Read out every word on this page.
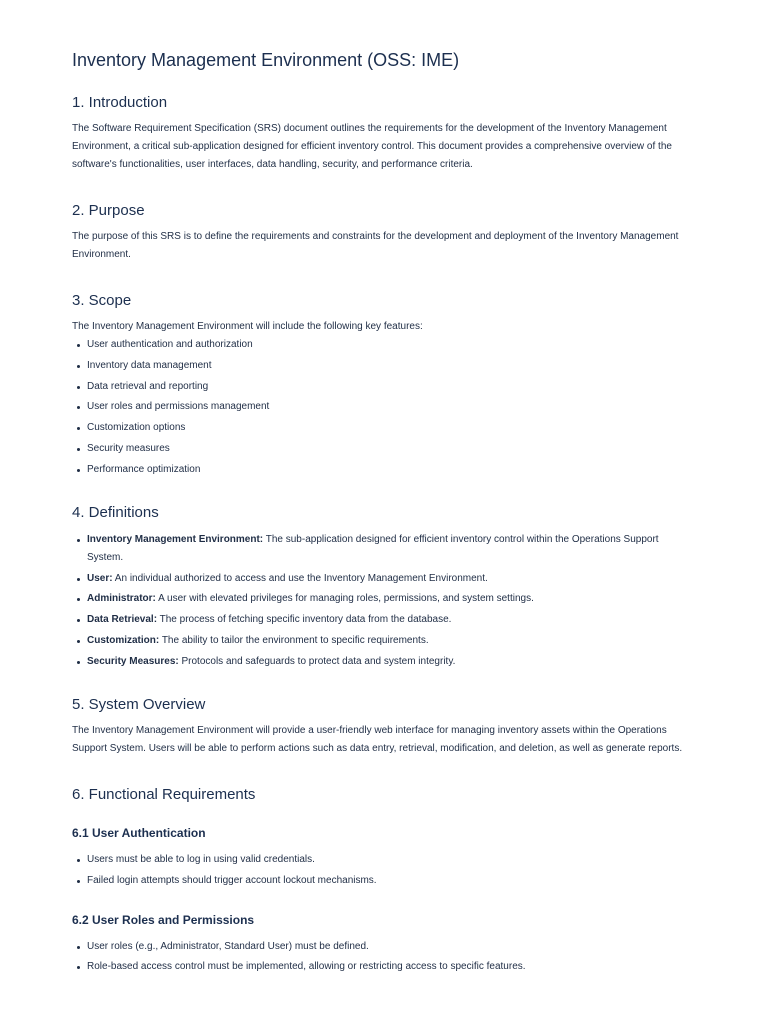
Inventory Management Environment (OSS: IME)
1. Introduction

The Software Requirement Specification (SRS) document outlines the requirements for the development of the Inventory Management Environment, a critical sub-application designed for efficient inventory control. This document provides a comprehensive overview of the software's functionalities, user interfaces, data handling, security, and performance criteria.

2. Purpose

The purpose of this SRS is to define the requirements and constraints for the development and deployment of the Inventory Management Environment.

3. Scope

The Inventory Management Environment will include the following key features:

User authentication and authorization
Inventory data management
Data retrieval and reporting
User roles and permissions management
Customization options
Security measures
Performance optimization
4. Definitions
Inventory Management Environment: The sub-application designed for efficient inventory control within the Operations Support System.
User: An individual authorized to access and use the Inventory Management Environment.
Administrator: A user with elevated privileges for managing roles, permissions, and system settings.
Data Retrieval: The process of fetching specific inventory data from the database.
Customization: The ability to tailor the environment to specific requirements.
Security Measures: Protocols and safeguards to protect data and system integrity.
5. System Overview

The Inventory Management Environment will provide a user-friendly web interface for managing inventory assets within the Operations Support System. Users will be able to perform actions such as data entry, retrieval, modification, and deletion, as well as generate reports.

6. Functional Requirements
6.1 User Authentication
Users must be able to log in using valid credentials.
Failed login attempts should trigger account lockout mechanisms.
6.2 User Roles and Permissions
User roles (e.g., Administrator, Standard User) must be defined.
Role-based access control must be implemented, allowing or restricting access to specific features.
